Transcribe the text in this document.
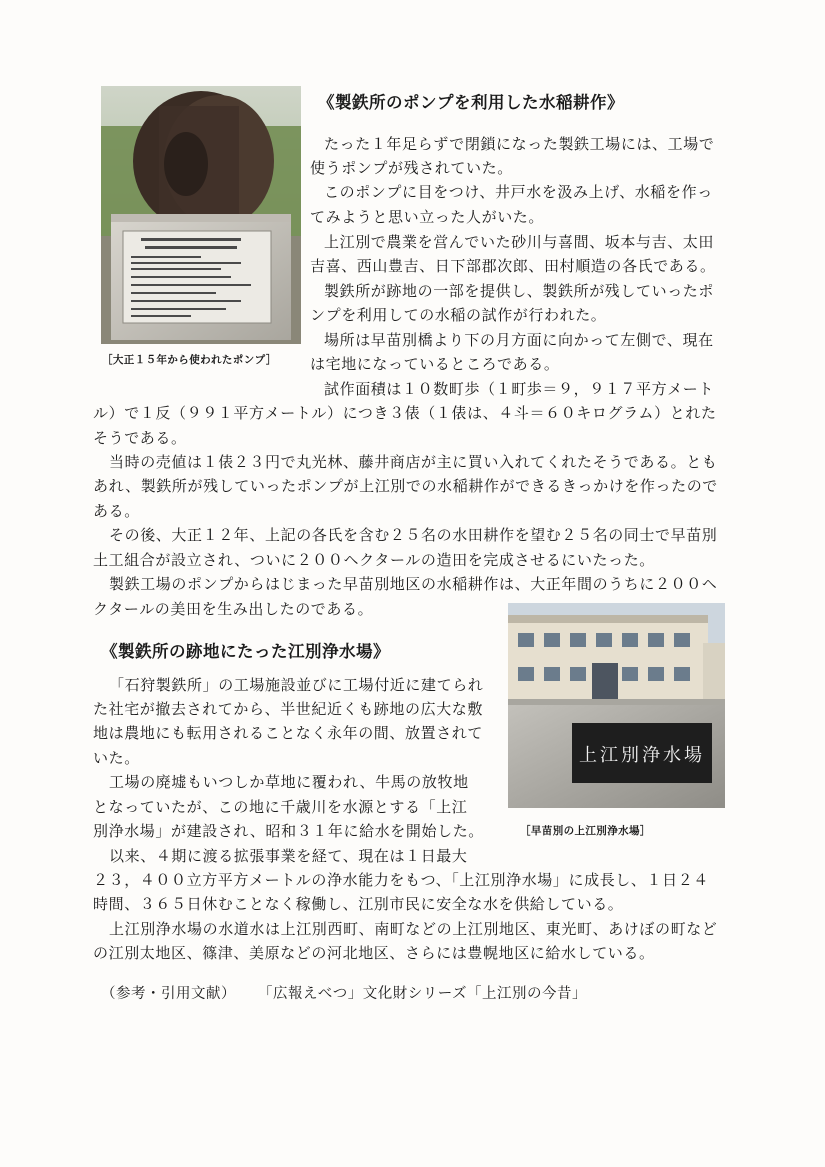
［大正１５年から使われたポンプ］
《製鉄所のポンプを利用した水稲耕作》
たった１年足らずで閉鎖になった製鉄工場には、工場で
使うポンプが残されていた。
このポンプに目をつけ、井戸水を汲み上げ、水稲を作っ
てみようと思い立った人がいた。
上江別で農業を営んでいた砂川与喜間、坂本与吉、太田
吉喜、西山豊吉、日下部郡次郎、田村順造の各氏である。
製鉄所が跡地の一部を提供し、製鉄所が残していったポ
ンプを利用しての水稲の試作が行われた。
場所は早苗別橋より下の月方面に向かって左側で、現在
は宅地になっているところである。
試作面積は１０数町歩（１町歩＝９，９１７平方メート
ル）で１反（９９１平方メートル）につき３俵（１俵は、４斗＝６０キログラム）とれた
そうである。
当時の売値は１俵２３円で丸光林、藤井商店が主に買い入れてくれたそうである。とも
あれ、製鉄所が残していったポンプが上江別での水稲耕作ができるきっかけを作ったので
ある。
その後、大正１２年、上記の各氏を含む２５名の水田耕作を望む２５名の同士で早苗別
土工組合が設立され、ついに２００ヘクタールの造田を完成させるにいたった。
製鉄工場のポンプからはじまった早苗別地区の水稲耕作は、大正年間のうちに２００ヘ
クタールの美田を生み出したのである。
《製鉄所の跡地にたった江別浄水場》
上江別浄水場
［早苗別の上江別浄水場］
「石狩製鉄所」の工場施設並びに工場付近に建てられ
た社宅が撤去されてから、半世紀近くも跡地の広大な敷
地は農地にも転用されることなく永年の間、放置されて
いた。
工場の廃墟もいつしか草地に覆われ、牛馬の放牧地
となっていたが、この地に千歳川を水源とする「上江
別浄水場」が建設され、昭和３１年に給水を開始した。
以来、４期に渡る拡張事業を経て、現在は１日最大
２３，４００立方平方メートルの浄水能力をもつ、「上江別浄水場」に成長し、１日２４
時間、３６５日休むことなく稼働し、江別市民に安全な水を供給している。
上江別浄水場の水道水は上江別西町、南町などの上江別地区、東光町、あけぼの町など
の江別太地区、篠津、美原などの河北地区、さらには豊幌地区に給水している。
（参考・引用文献） 「広報えべつ」文化財シリーズ「上江別の今昔」
